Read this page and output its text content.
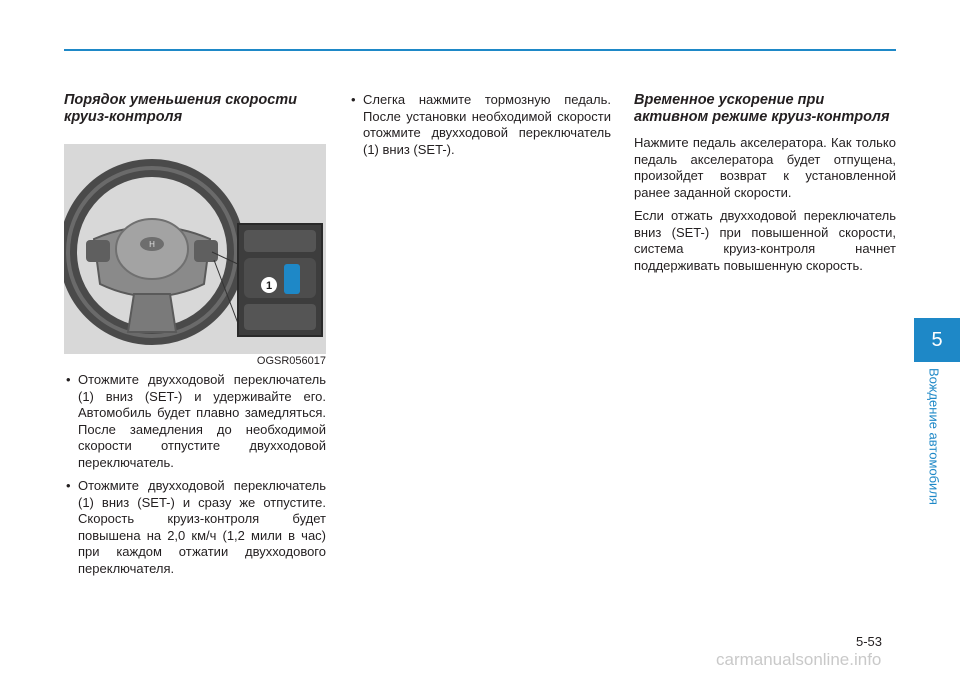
Порядок уменьшения скорости круиз-контроля
H
1
OGSR056017
• Отожмите двухходовой переключатель (1) вниз (SET-) и удерживайте его. Автомобиль будет плавно замедляться. После замедления до необходимой скорости отпустите двухходовой переключатель.
• Отожмите двухходовой переключатель (1) вниз (SET-) и сразу же отпустите. Скорость круиз-контроля будет повышена на 2,0 км/ч (1,2 мили в час) при каждом отжатии двухходового переключателя.
• Слегка нажмите тормозную педаль. После установки необходимой скорости отожмите двухходовой переключатель (1) вниз (SET-).
Временное ускорение при активном режиме круиз-контроля

Нажмите педаль акселератора. Как только педаль акселератора будет отпущена, произойдет возврат к установленной ранее заданной скорости.

Если отжать двухходовой переключатель вниз (SET-) при повышенной скорости, система круиз-контроля начнет поддерживать повышенную скорость.

5
Вождение автомобиля
5-53
carmanualsonline.info
